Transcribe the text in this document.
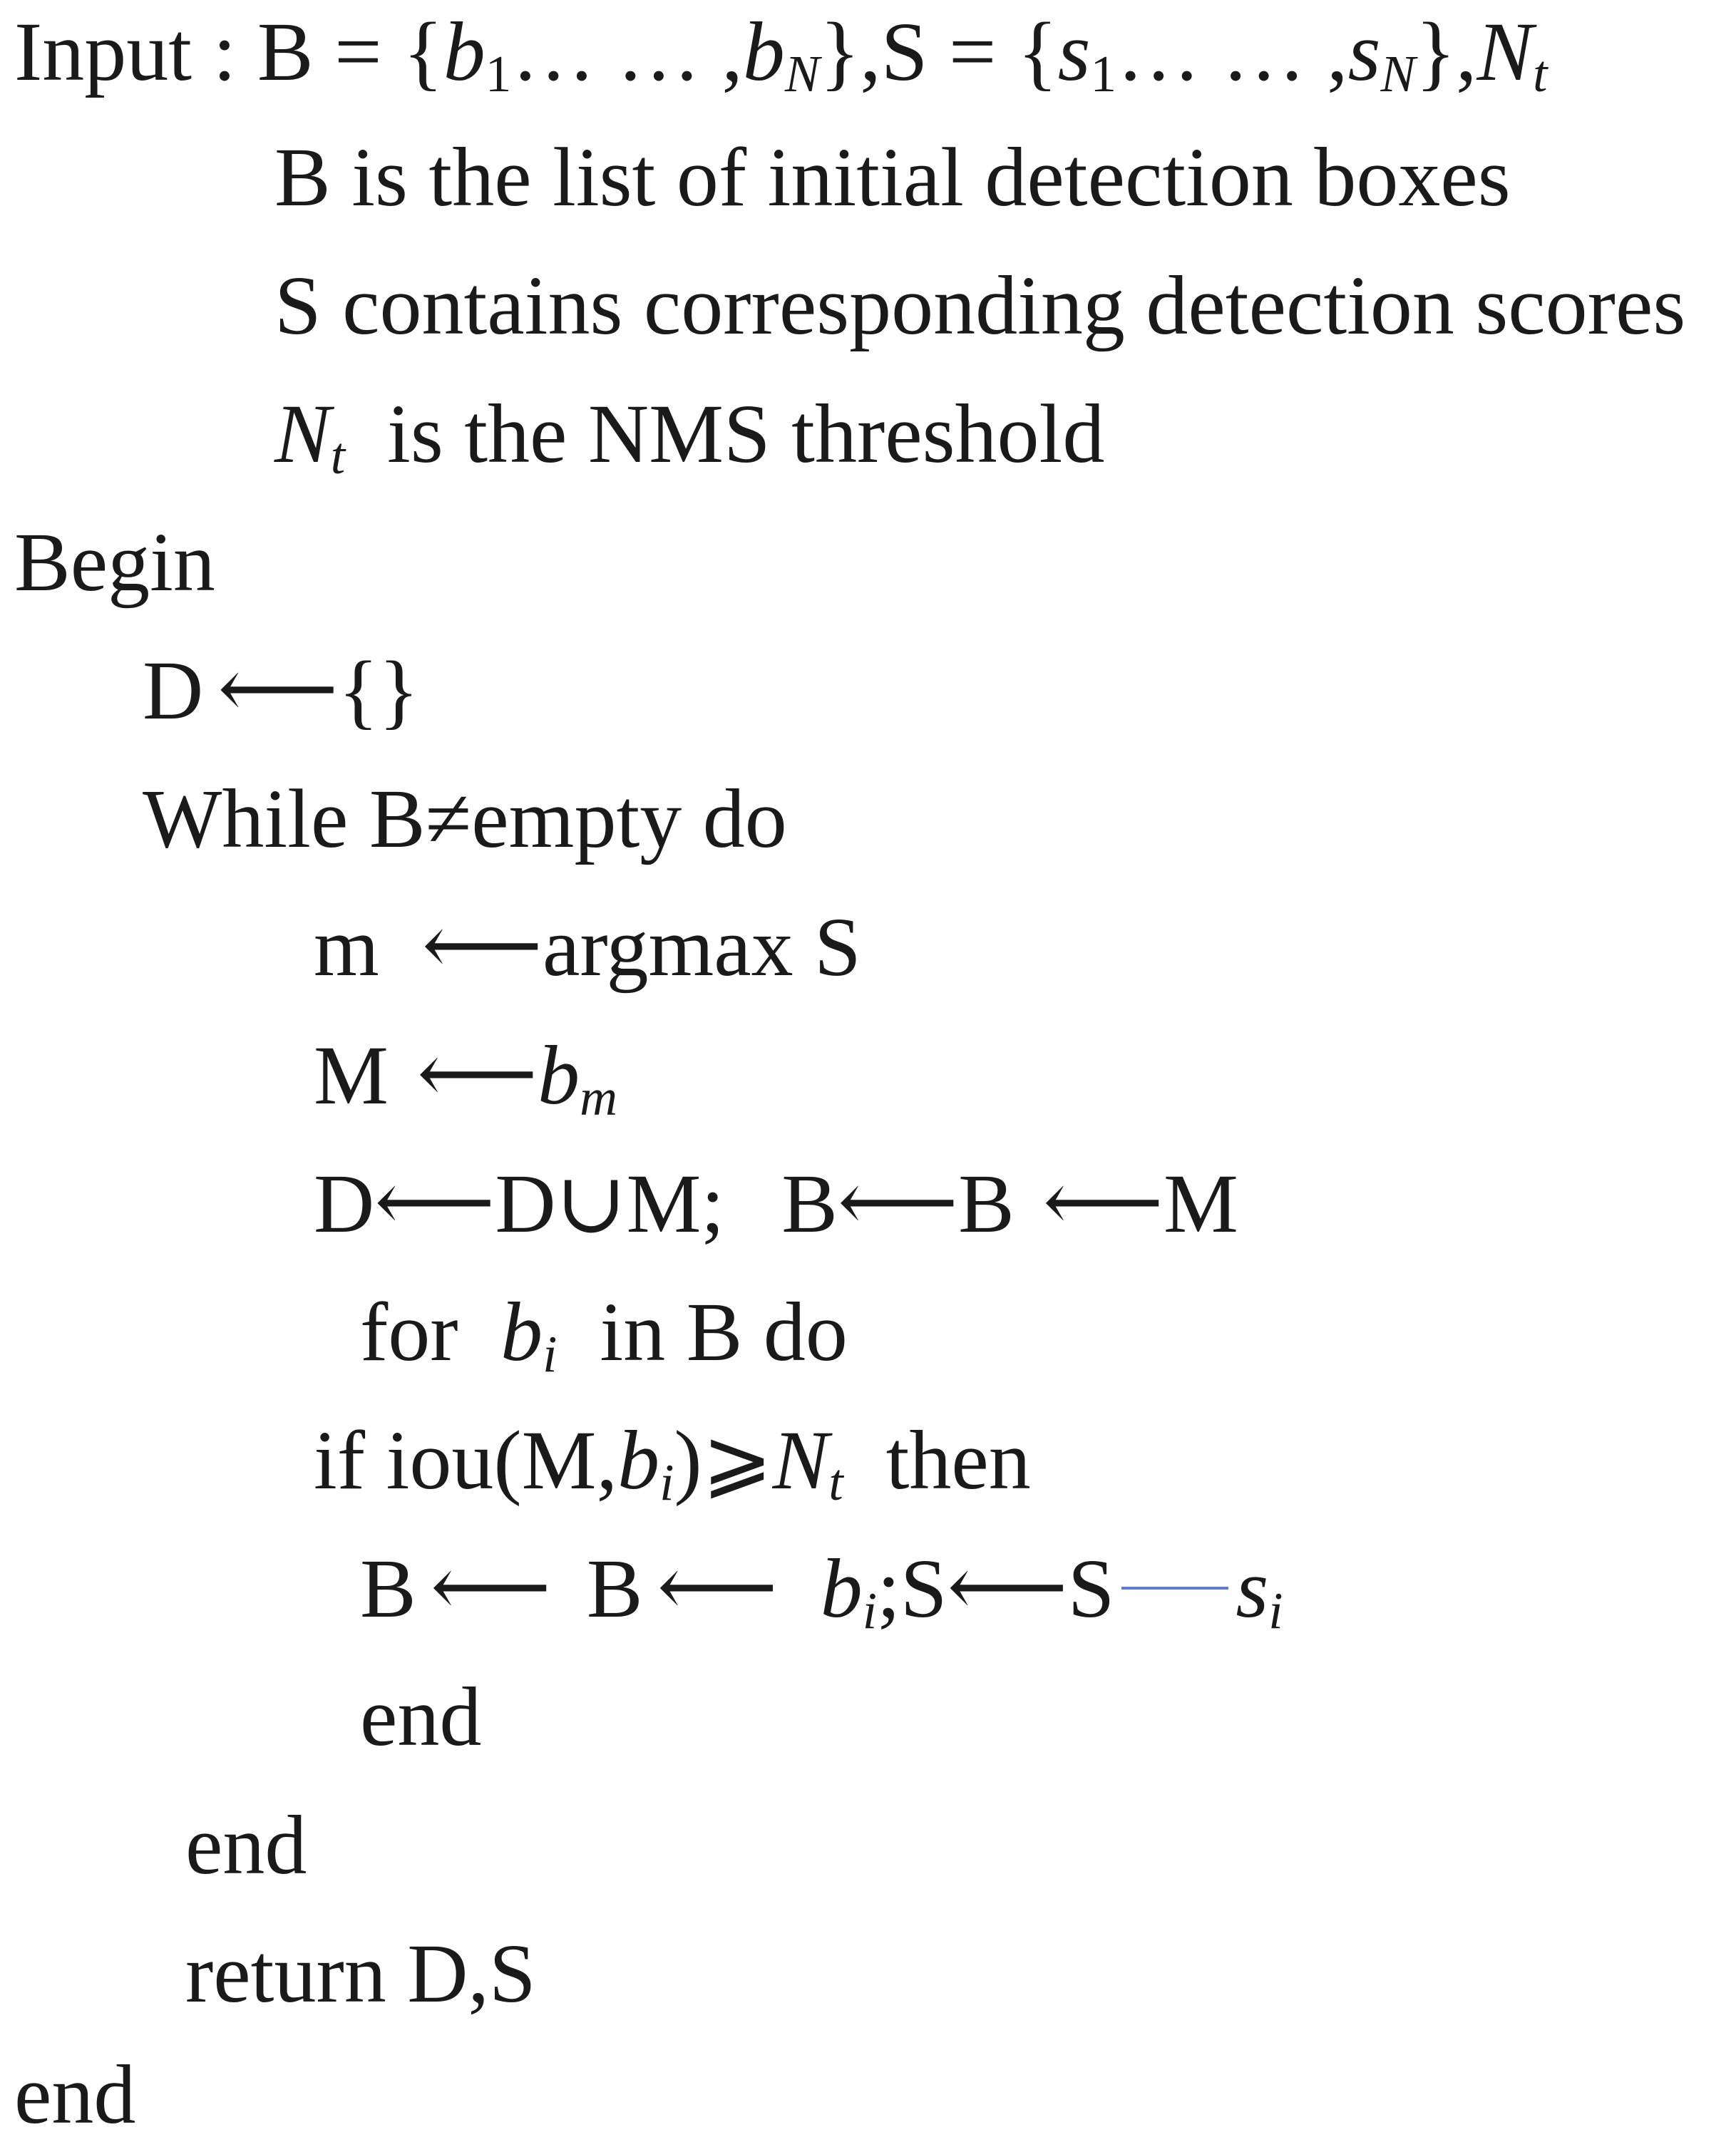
Input : B = { $b_1$ … … , $b_N$ },S = { $s_1$ … … , $s_N$ }, $N_t$
B is the list of initial detection boxes
S contains corresponding detection scores
$N_t$ is the NMS threshold
Begin
D ⟵ {}
While B ≠ empty do
m ⟵ argmax S
M ⟵ $b_m$
D ⟵ D∪M; B ⟵ B ⟵ M
for $b_i$ in B do
if iou(M, $b_i$ ) ⩾ $N_t$ then
B ⟵ B ⟵ $b_i$ ;S ⟵ S $s_i$
end
end
return D,S
end
